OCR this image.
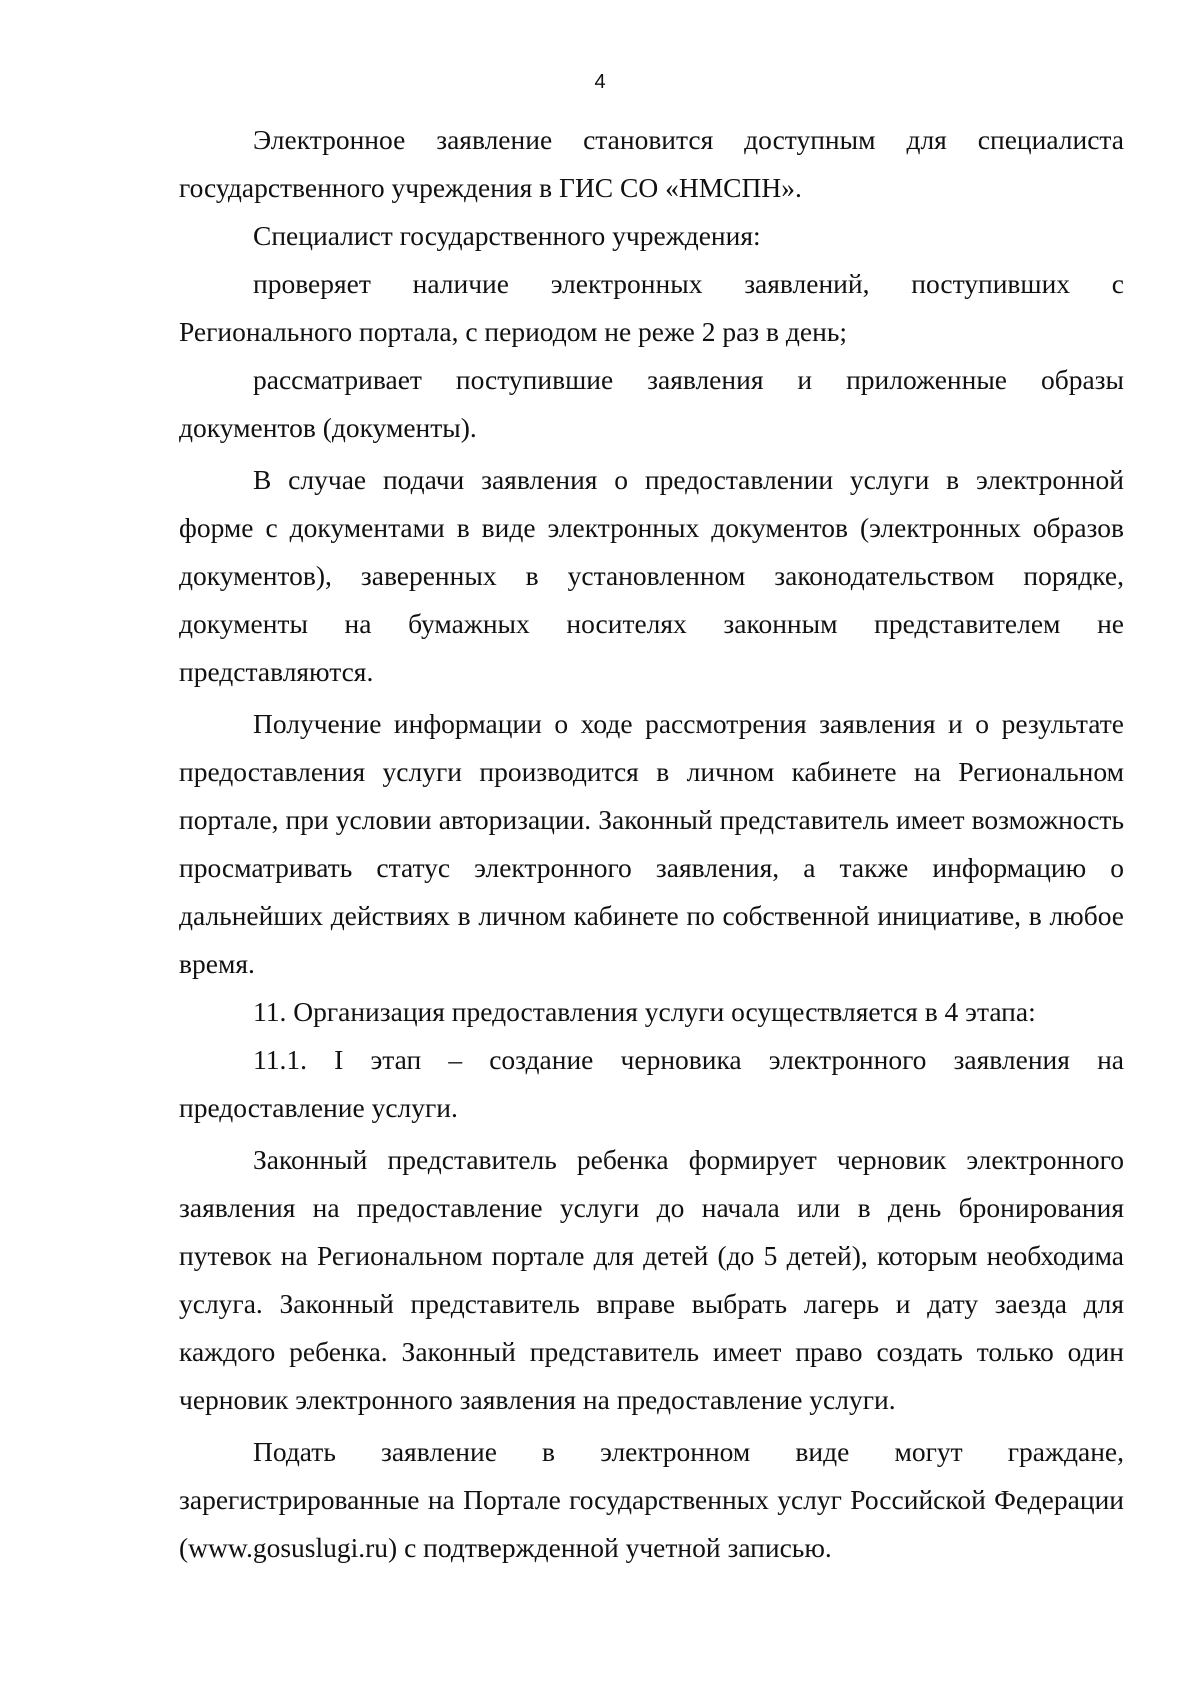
4

Электронное заявление становится доступным для специалиста государственного учреждения в ГИС СО «НМСПН».

Специалист государственного учреждения:

проверяет наличие электронных заявлений, поступивших с Регионального портала, с периодом не реже 2 раз в день;

рассматривает поступившие заявления и приложенные образы документов (документы).

В случае подачи заявления о предоставлении услуги в электронной форме с документами в виде электронных документов (электронных образов документов), заверенных в установленном законодательством порядке, документы на бумажных носителях законным представителем не представляются.

Получение информации о ходе рассмотрения заявления и о результате предоставления услуги производится в личном кабинете на Региональном портале, при условии авторизации. Законный представитель имеет возможность просматривать статус электронного заявления, а также информацию о дальнейших действиях в личном кабинете по собственной инициативе, в любое время.

11. Организация предоставления услуги осуществляется в 4 этапа:

11.1. I этап – создание черновика электронного заявления на предоставление услуги.

Законный представитель ребенка формирует черновик электронного заявления на предоставление услуги до начала или в день бронирования путевок на Региональном портале для детей (до 5 детей), которым необходима услуга. Законный представитель вправе выбрать лагерь и дату заезда для каждого ребенка. Законный представитель имеет право создать только один черновик электронного заявления на предоставление услуги.

Подать заявление в электронном виде могут граждане, зарегистрированные на Портале государственных услуг Российской Федерации (www.gosuslugi.ru) с подтвержденной учетной записью.
